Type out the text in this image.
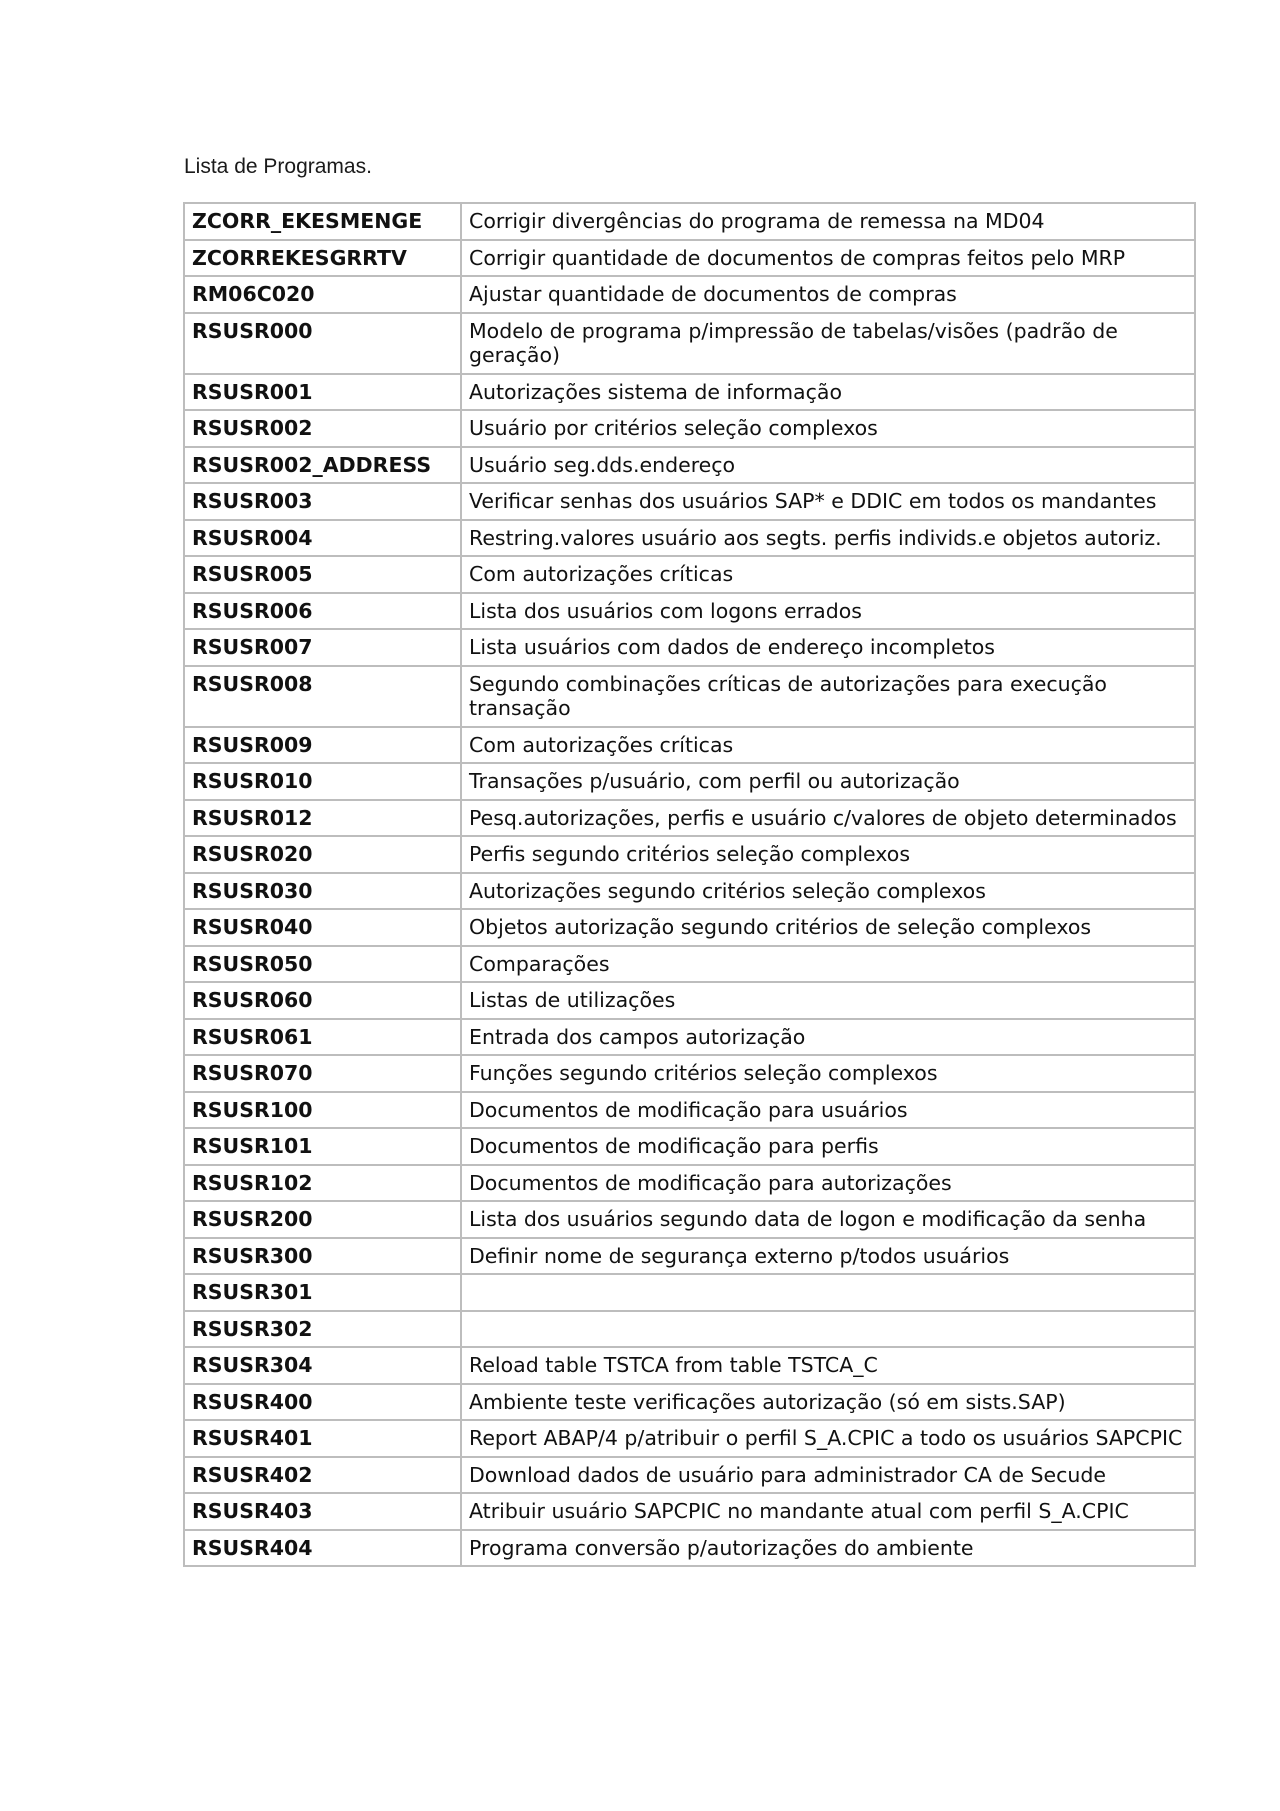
Lista de Programas.
ZCORR_EKESMENGE	Corrigir divergências do programa de remessa na MD04
ZCORREKESGRRTV	Corrigir quantidade de documentos de compras feitos pelo MRP
RM06C020	Ajustar quantidade de documentos de compras
RSUSR000	Modelo de programa p/impressão de tabelas/visões (padrão de geração)
RSUSR001	Autorizações sistema de informação
RSUSR002	Usuário por critérios seleção complexos
RSUSR002_ADDRESS	Usuário seg.dds.endereço
RSUSR003	Verificar senhas dos usuários SAP* e DDIC em todos os mandantes
RSUSR004	Restring.valores usuário aos segts. perfis individs.e objetos autoriz.
RSUSR005	Com autorizações críticas
RSUSR006	Lista dos usuários com logons errados
RSUSR007	Lista usuários com dados de endereço incompletos
RSUSR008	Segundo combinações críticas de autorizações para execução transação
RSUSR009	Com autorizações críticas
RSUSR010	Transações p/usuário, com perfil ou autorização
RSUSR012	Pesq.autorizações, perfis e usuário c/valores de objeto determinados
RSUSR020	Perfis segundo critérios seleção complexos
RSUSR030	Autorizações segundo critérios seleção complexos
RSUSR040	Objetos autorização segundo critérios de seleção complexos
RSUSR050	Comparações
RSUSR060	Listas de utilizações
RSUSR061	Entrada dos campos autorização
RSUSR070	Funções segundo critérios seleção complexos
RSUSR100	Documentos de modificação para usuários
RSUSR101	Documentos de modificação para perfis
RSUSR102	Documentos de modificação para autorizações
RSUSR200	Lista dos usuários segundo data de logon e modificação da senha
RSUSR300	Definir nome de segurança externo p/todos usuários
RSUSR301	
RSUSR302	
RSUSR304	Reload table TSTCA from table TSTCA_C
RSUSR400	Ambiente teste verificações autorização (só em sists.SAP)
RSUSR401	Report ABAP/4 p/atribuir o perfil S_A.CPIC a todo os usuários SAPCPIC
RSUSR402	Download dados de usuário para administrador CA de Secude
RSUSR403	Atribuir usuário SAPCPIC no mandante atual com perfil S_A.CPIC
RSUSR404	Programa conversão p/autorizações do ambiente
